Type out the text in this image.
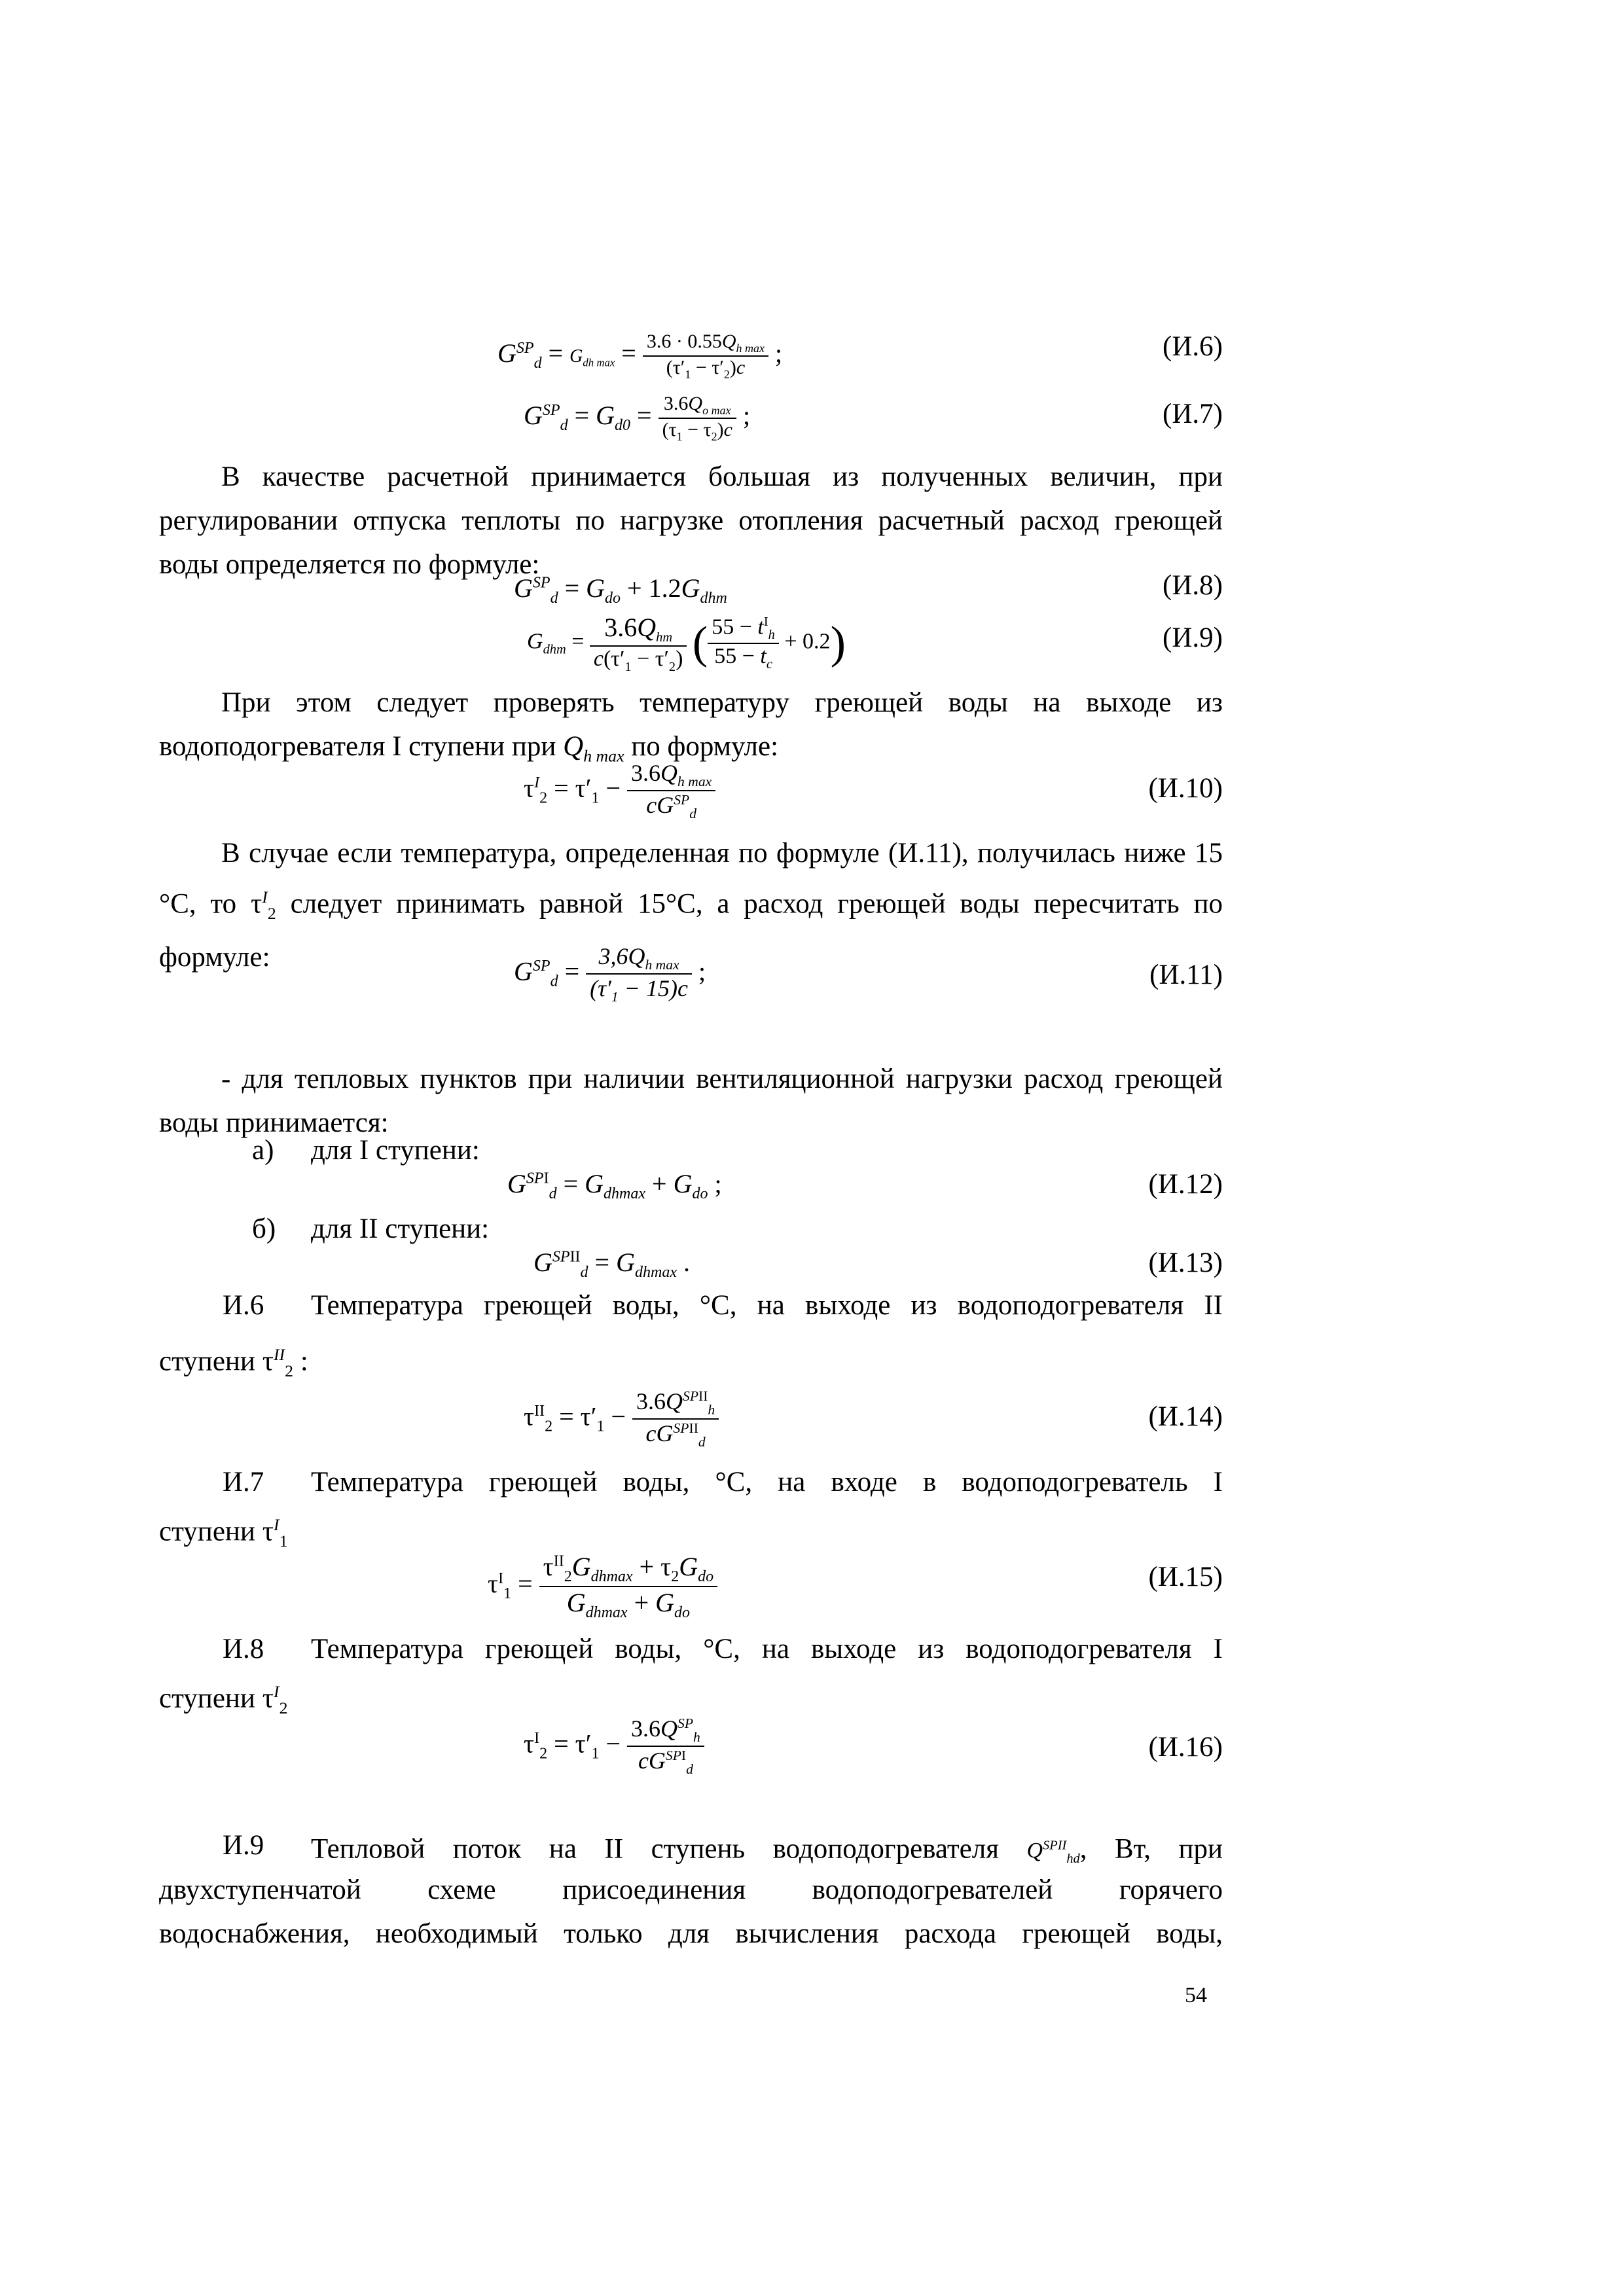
$G^{SP}_d = G_{dh max} = \frac{3.6 \cdot 0.55Q_{h max}}{(\tau'_1 - \tau'_2)c}$ ;	(И.6)
$G^{SP}_d = G_{d0} = \frac{3.6Q_{o max}}{(\tau_1 - \tau_2)c}$ ;	(И.7)
В качестве расчетной принимается большая из полученных величин, при регулировании отпуска теплоты по нагрузке отопления расчетный расход греющей воды определяется по формуле:
$G^{SP}_d = G_{do} + 1.2G_{dhm}$	(И.8)
$G_{dhm} = \frac{3.6Q_{hm}}{c(\tau'_1 - \tau'_2)}$ ( $\frac{55 - t^I_h}{55 - t_c} + 0.2$)	(И.9)
При этом следует проверять температуру греющей воды на выходе из водоподогревателя I ступени при $Q_{h max}$ по формуле:
$\tau^I_2 = \tau'_1 - \frac{3.6Q_{h max}}{cG^{SP}_d}$	(И.10)
В случае если температура, определенная по формуле (И.11), получилась ниже 15 °С, то $\tau^I_2$ следует принимать равной 15°С, а расход греющей воды пересчитать по формуле:	$G^{SP}_d = \frac{3,6Q_{h max}}{(\tau'_1 - 15)c}$ ;	(И.11)
- для тепловых пунктов при наличии вентиляционной нагрузки расход греющей воды принимается:
а) для I ступени:
$G^{SPI}_d = G_{dhmax} + G_{do}$ ;	(И.12)
б) для II ступени:
$G^{SPII}_d = G_{dhmax}$ .	(И.13)
И.6 Температура греющей воды, °С, на выходе из водоподогревателя II
ступени $\tau^{II}_2$ :
$\tau^{II}_2 = \tau'_1 - \frac{3.6Q^{SPII}_h}{cG^{SPII}_d}$	(И.14)
И.7 Температура греющей воды, °С, на входе в водоподогреватель I
ступени $\tau^I_1$
$\tau^I_1 = \frac{\tau^{II}_2G_{dhmax} + \tau_2G_{do}}{G_{dhmax} + G_{do}}$	(И.15)
И.8 Температура греющей воды, °С, на выходе из водоподогревателя I
ступени $\tau^I_2$
$\tau^I_2 = \tau'_1 - \frac{3.6Q^{SP}_h}{cG^{SPI}_d}$	(И.16)
И.9 Тепловой поток на II ступень водоподогревателя $Q^{SPII}_{hd}$, Вт, при
двухступенчатой схеме присоединения водоподогревателей горячего
водоснабжения, необходимый только для вычисления расхода греющей воды,
54
